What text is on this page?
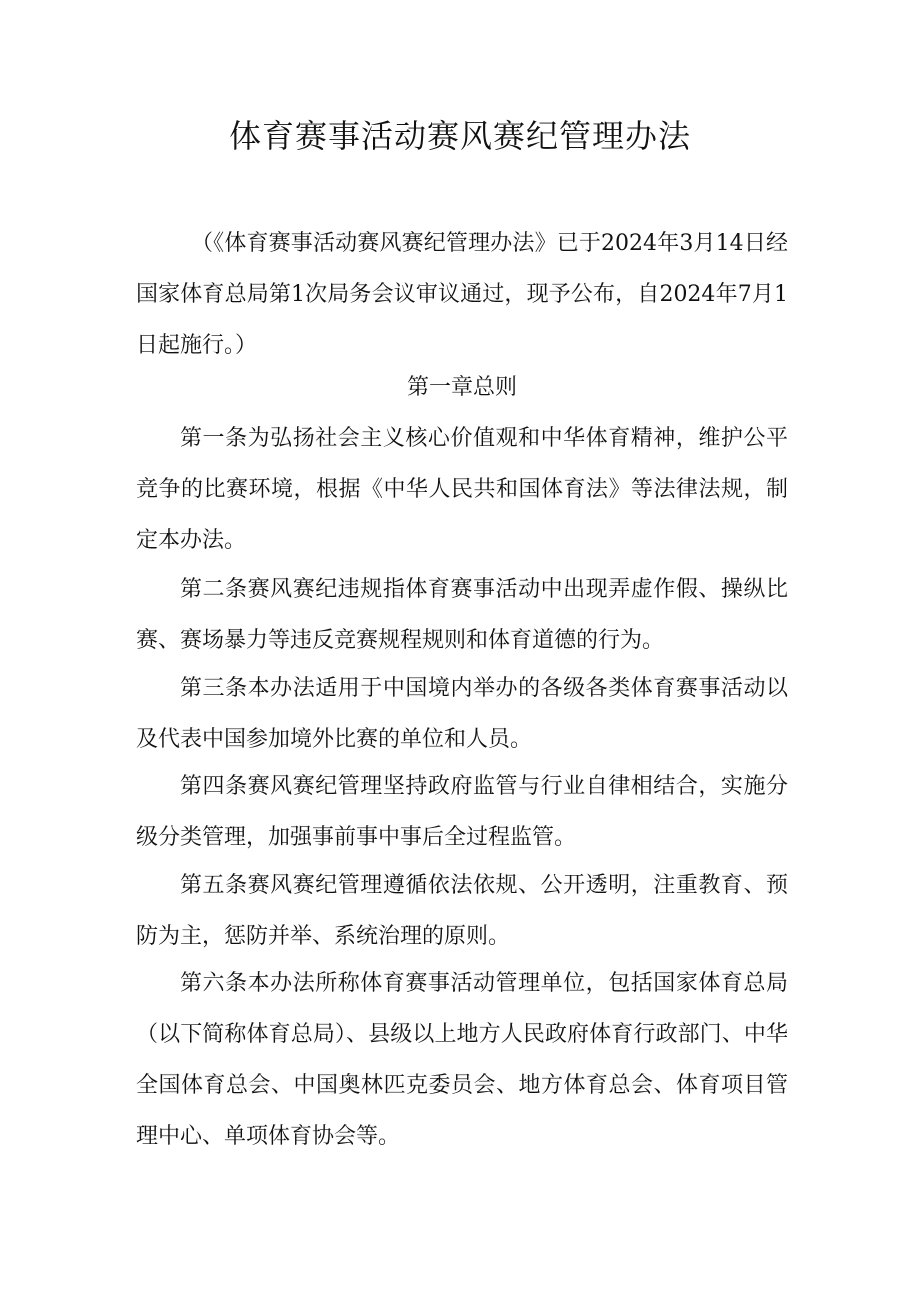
体育赛事活动赛风赛纪管理办法

（《体育赛事活动赛风赛纪管理办法》已于2024年3月14日经国家体育总局第1次局务会议审议通过，现予公布，自2024年7月1日起施行。）

第一章总则

第一条为弘扬社会主义核心价值观和中华体育精神，维护公平竞争的比赛环境，根据《中华人民共和国体育法》等法律法规，制定本办法。

第二条赛风赛纪违规指体育赛事活动中出现弄虚作假、操纵比赛、赛场暴力等违反竞赛规程规则和体育道德的行为。

第三条本办法适用于中国境内举办的各级各类体育赛事活动以及代表中国参加境外比赛的单位和人员。

第四条赛风赛纪管理坚持政府监管与行业自律相结合，实施分级分类管理，加强事前事中事后全过程监管。

第五条赛风赛纪管理遵循依法依规、公开透明，注重教育、预防为主，惩防并举、系统治理的原则。

第六条本办法所称体育赛事活动管理单位，包括国家体育总局（以下简称体育总局）、县级以上地方人民政府体育行政部门、中华全国体育总会、中国奥林匹克委员会、地方体育总会、体育项目管理中心、单项体育协会等。
